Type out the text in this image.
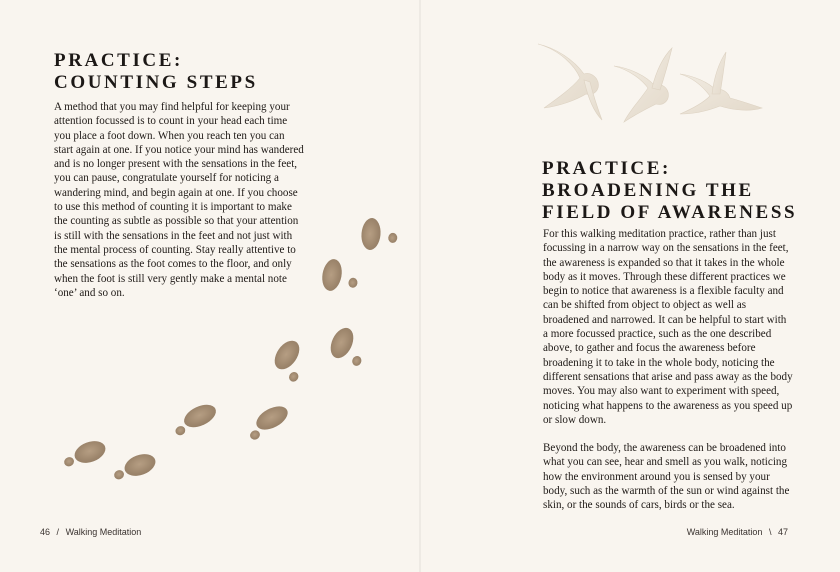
PRACTICE:
COUNTING STEPS

A method that you may find helpful for keeping your attention focussed is to count in your head each time you place a foot down. When you reach ten you can start again at one. If you notice your mind has wandered and is no longer present with the sensations in the feet, you can pause, congratulate yourself for noticing a wandering mind, and begin again at one. If you choose to use this method of counting it is important to make the counting as subtle as possible so that your attention is still with the sensations in the feet and not just with the mental process of counting. Stay really attentive to the sensations as the foot comes to the floor, and only when the foot is still very gently make a mental note ‘one’ and so on.

46 / Walking Meditation
PRACTICE:
BROADENING THE
FIELD OF AWARENESS

For this walking meditation practice, rather than just focussing in a narrow way on the sensations in the feet, the awareness is expanded so that it takes in the whole body as it moves. Through these different practices we begin to notice that awareness is a flexible faculty and can be shifted from object to object as well as broadened and narrowed. It can be helpful to start with a more focussed practice, such as the one described above, to gather and focus the awareness before broadening it to take in the whole body, noticing the different sensations that arise and pass away as the body moves. You may also want to experiment with speed, noticing what happens to the awareness as you speed up or slow down.

Beyond the body, the awareness can be broadened into what you can see, hear and smell as you walk, noticing how the environment around you is sensed by your body, such as the warmth of the sun or wind against the skin, or the sounds of cars, birds or the sea.

Walking Meditation \ 47
